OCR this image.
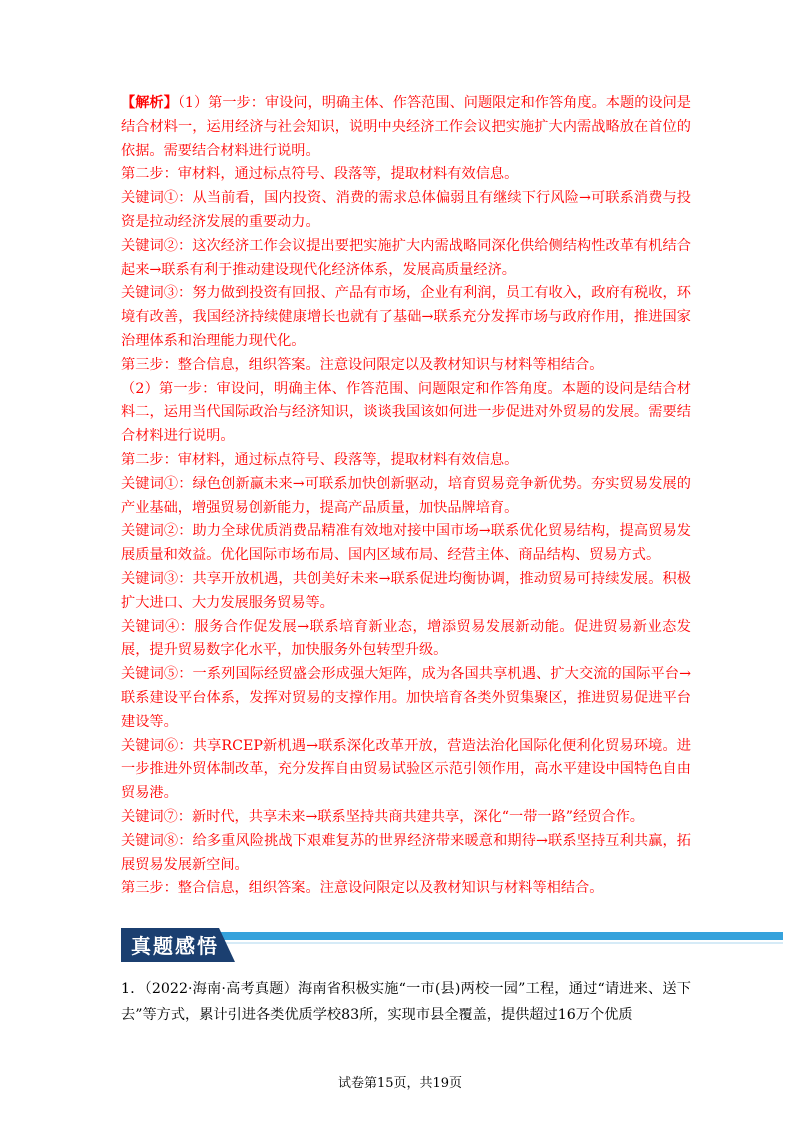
【解析】（1）第一步：审设问，明确主体、作答范围、问题限定和作答角度。本题的设问是结合材料一，运用经济与社会知识，说明中央经济工作会议把实施扩大内需战略放在首位的依据。需要结合材料进行说明。

第二步：审材料，通过标点符号、段落等，提取材料有效信息。

关键词①：从当前看，国内投资、消费的需求总体偏弱且有继续下行风险→可联系消费与投资是拉动经济发展的重要动力。

关键词②：这次经济工作会议提出要把实施扩大内需战略同深化供给侧结构性改革有机结合起来→联系有利于推动建设现代化经济体系，发展高质量经济。

关键词③：努力做到投资有回报、产品有市场，企业有利润，员工有收入，政府有税收，环境有改善，我国经济持续健康增长也就有了基础→联系充分发挥市场与政府作用，推进国家治理体系和治理能力现代化。

第三步：整合信息，组织答案。注意设问限定以及教材知识与材料等相结合。

（2）第一步：审设问，明确主体、作答范围、问题限定和作答角度。本题的设问是结合材料二，运用当代国际政治与经济知识，谈谈我国该如何进一步促进对外贸易的发展。需要结合材料进行说明。

第二步：审材料，通过标点符号、段落等，提取材料有效信息。

关键词①：绿色创新赢未来→可联系加快创新驱动，培育贸易竞争新优势。夯实贸易发展的产业基础，增强贸易创新能力，提高产品质量，加快品牌培育。

关键词②：助力全球优质消费品精准有效地对接中国市场→联系优化贸易结构，提高贸易发展质量和效益。优化国际市场布局、国内区域布局、经营主体、商品结构、贸易方式。

关键词③：共享开放机遇，共创美好未来→联系促进均衡协调，推动贸易可持续发展。积极扩大进口、大力发展服务贸易等。

关键词④：服务合作促发展→联系培育新业态，增添贸易发展新动能。促进贸易新业态发展，提升贸易数字化水平，加快服务外包转型升级。

关键词⑤：一系列国际经贸盛会形成强大矩阵，成为各国共享机遇、扩大交流的国际平台→联系建设平台体系，发挥对贸易的支撑作用。加快培育各类外贸集聚区，推进贸易促进平台建设等。

关键词⑥：共享RCEP新机遇→联系深化改革开放，营造法治化国际化便利化贸易环境。进一步推进外贸体制改革，充分发挥自由贸易试验区示范引领作用，高水平建设中国特色自由贸易港。

关键词⑦：新时代，共享未来→联系坚持共商共建共享，深化“一带一路”经贸合作。

关键词⑧：给多重风险挑战下艰难复苏的世界经济带来暖意和期待→联系坚持互利共赢，拓展贸易发展新空间。

第三步：整合信息，组织答案。注意设问限定以及教材知识与材料等相结合。

真题感悟

1．（2022·海南·高考真题）海南省积极实施“一市(县)两校一园”工程，通过“请进来、送下去”等方式，累计引进各类优质学校83所，实现市县全覆盖，提供超过16万个优质

试卷第15页，共19页
